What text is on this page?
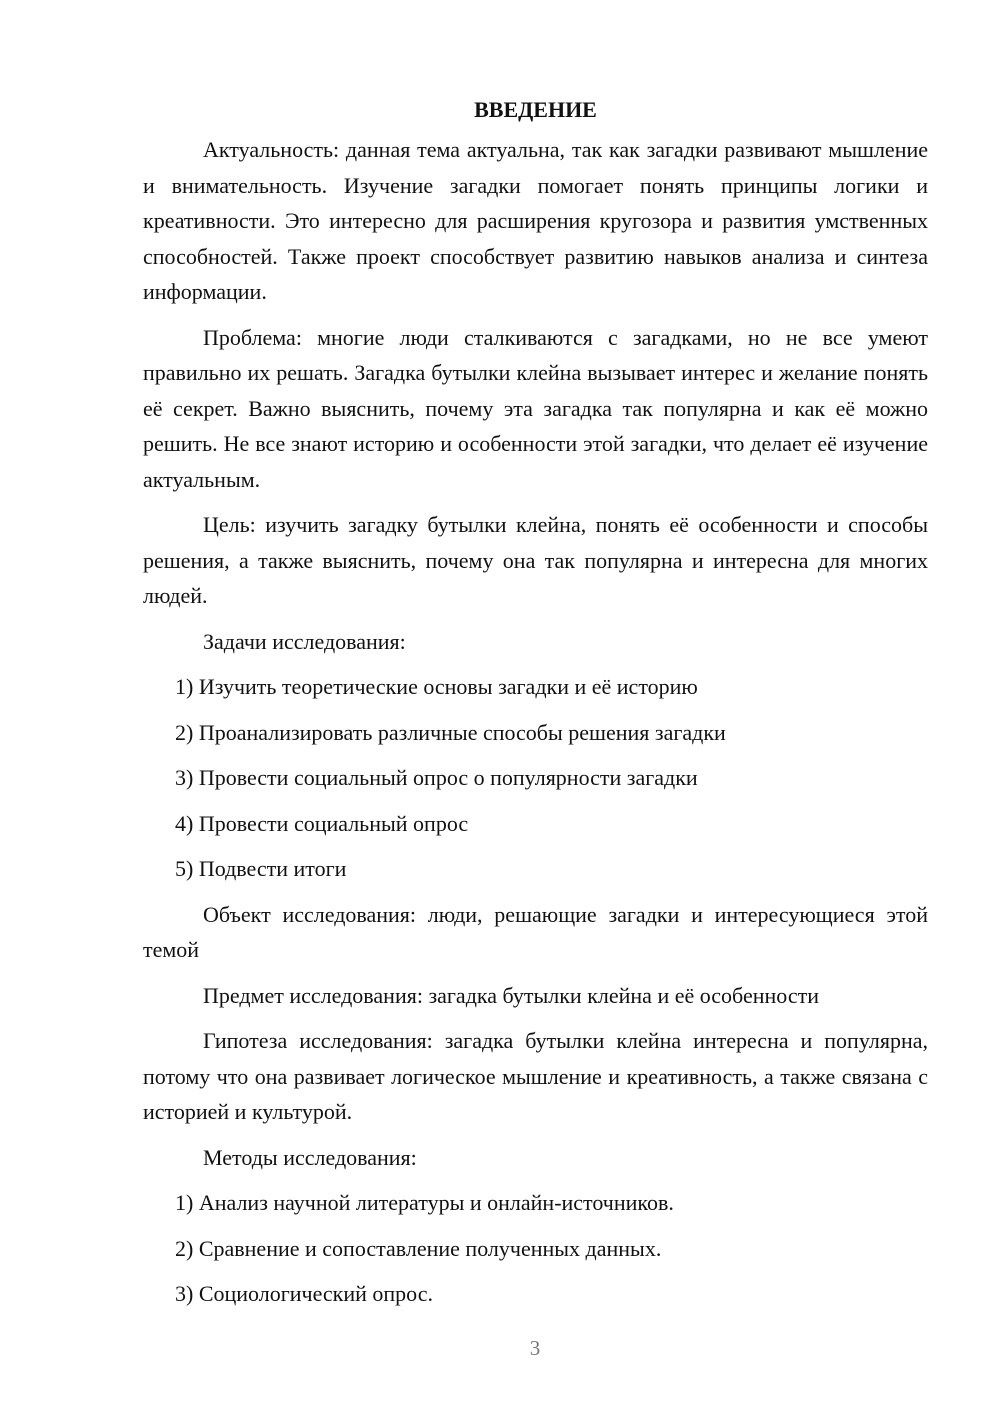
ВВЕДЕНИЕ

Актуальность: данная тема актуальна, так как загадки развивают мышление и внимательность. Изучение загадки помогает понять принципы логики и креативности. Это интересно для расширения кругозора и развития умственных способностей. Также проект способствует развитию навыков анализа и синтеза информации.

Проблема: многие люди сталкиваются с загадками, но не все умеют правильно их решать. Загадка бутылки клейна вызывает интерес и желание понять её секрет. Важно выяснить, почему эта загадка так популярна и как её можно решить. Не все знают историю и особенности этой загадки, что делает её изучение актуальным.

Цель: изучить загадку бутылки клейна, понять её особенности и способы решения, а также выяснить, почему она так популярна и интересна для многих людей.

Задачи исследования:

1) Изучить теоретические основы загадки и её историю
2) Проанализировать различные способы решения загадки
3) Провести социальный опрос о популярности загадки
4) Провести социальный опрос
5) Подвести итоги

Объект исследования: люди, решающие загадки и интересующиеся этой темой

Предмет исследования: загадка бутылки клейна и её особенности

Гипотеза исследования: загадка бутылки клейна интересна и популярна, потому что она развивает логическое мышление и креативность, а также связана с историей и культурой.

Методы исследования:

1) Анализ научной литературы и онлайн-источников.
2) Сравнение и сопоставление полученных данных.
3) Социологический опрос.
3
